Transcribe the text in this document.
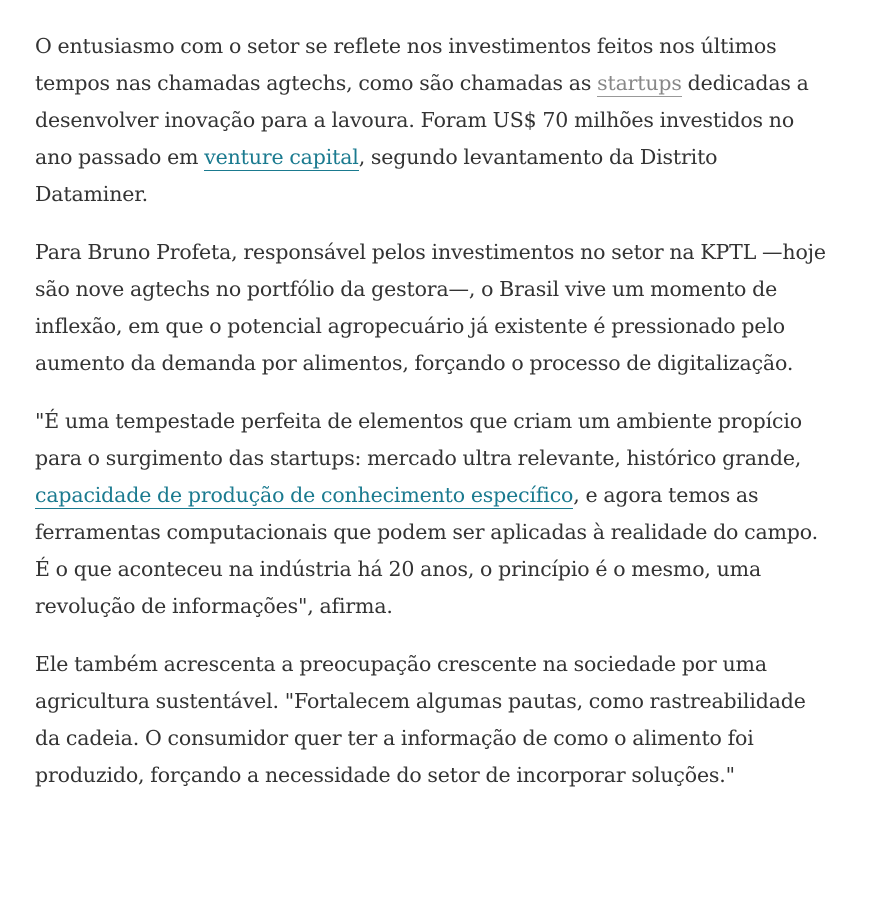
O entusiasmo com o setor se reflete nos investimentos feitos nos últimos tempos nas chamadas agtechs, como são chamadas as startups dedicadas a desenvolver inovação para a lavoura. Foram US$ 70 milhões investidos no ano passado em venture capital, segundo levantamento da Distrito Dataminer.

Para Bruno Profeta, responsável pelos investimentos no setor na KPTL —hoje são nove agtechs no portfólio da gestora—, o Brasil vive um momento de inflexão, em que o potencial agropecuário já existente é pressionado pelo aumento da demanda por alimentos, forçando o processo de digitalização.

"É uma tempestade perfeita de elementos que criam um ambiente propício para o surgimento das startups: mercado ultra relevante, histórico grande, capacidade de produção de conhecimento específico, e agora temos as ferramentas computacionais que podem ser aplicadas à realidade do campo. É o que aconteceu na indústria há 20 anos, o princípio é o mesmo, uma revolução de informações", afirma.

Ele também acrescenta a preocupação crescente na sociedade por uma agricultura sustentável. "Fortalecem algumas pautas, como rastreabilidade da cadeia. O consumidor quer ter a informação de como o alimento foi produzido, forçando a necessidade do setor de incorporar soluções."
